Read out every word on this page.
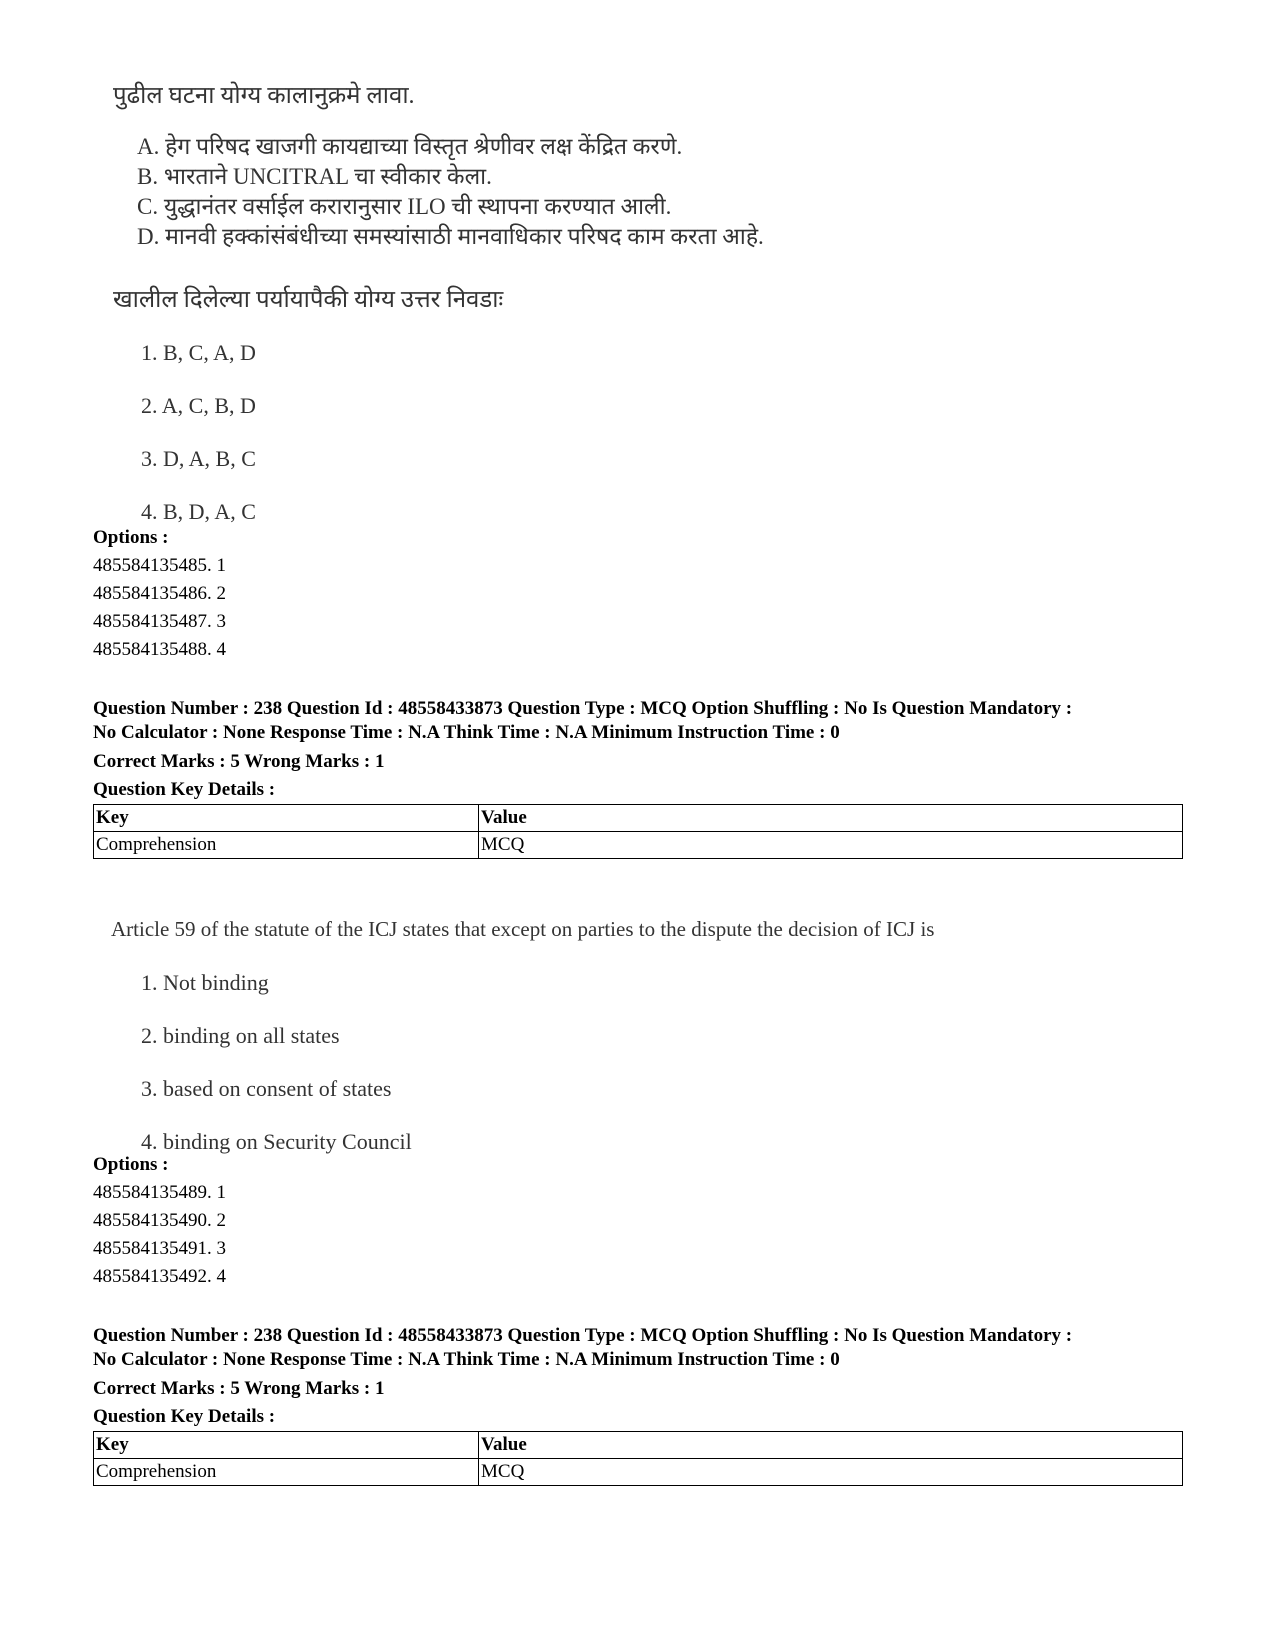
पुढील घटना योग्य कालानुक्रमे लावा.
A. हेग परिषद खाजगी कायद्याच्या विस्तृत श्रेणीवर लक्ष केंद्रित करणे.
B. भारताने UNCITRAL चा स्वीकार केला.
C. युद्धानंतर वर्साईल करारानुसार ILO ची स्थापना करण्यात आली.
D. मानवी हक्कांसंबंधीच्या समस्यांसाठी मानवाधिकार परिषद काम करता आहे.
खालील दिलेल्या पर्यायापैकी योग्य उत्तर निवडाः
1. B, C, A, D
2. A, C, B, D
3. D, A, B, C
4. B, D, A, C
Options :
485584135485. 1
485584135486. 2
485584135487. 3
485584135488. 4
Question Number : 238 Question Id : 48558433873 Question Type : MCQ Option Shuffling : No Is Question Mandatory :
No Calculator : None Response Time : N.A Think Time : N.A Minimum Instruction Time : 0
Correct Marks : 5 Wrong Marks : 1
Question Key Details :
Key	Value
Comprehension	MCQ
Article 59 of the statute of the ICJ states that except on parties to the dispute the decision of ICJ is
1. Not binding
2. binding on all states
3. based on consent of states
4. binding on Security Council
Options :
485584135489. 1
485584135490. 2
485584135491. 3
485584135492. 4
Question Number : 238 Question Id : 48558433873 Question Type : MCQ Option Shuffling : No Is Question Mandatory :
No Calculator : None Response Time : N.A Think Time : N.A Minimum Instruction Time : 0
Correct Marks : 5 Wrong Marks : 1
Question Key Details :
Key	Value
Comprehension	MCQ
